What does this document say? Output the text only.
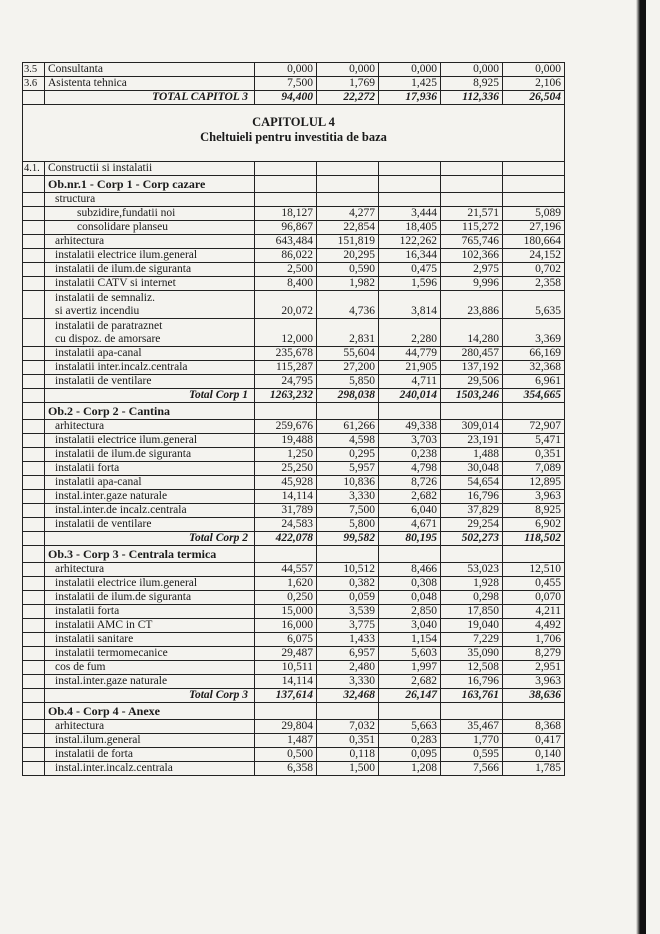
3.5	Consultanta	0,000	0,000	0,000	0,000	0,000
3.6	Asistenta tehnica	7,500	1,769	1,425	8,925	2,106
	TOTAL CAPITOL 3	94,400	22,272	17,936	112,336	26,504

CAPITOLUL 4
Cheltuieli pentru investitia de baza						

4.1.	Constructii si instalatii					
	Ob.nr.1 - Corp 1 - Corp cazare					
	structura					
	subzidire,fundatii noi	18,127	4,277	3,444	21,571	5,089
	consolidare planseu	96,867	22,854	18,405	115,272	27,196
	arhitectura	643,484	151,819	122,262	765,746	180,664
	instalatii electrice ilum.general	86,022	20,295	16,344	102,366	24,152
	instalatii de ilum.de siguranta	2,500	0,590	0,475	2,975	0,702
	instalatii CATV si internet	8,400	1,982	1,596	9,996	2,358

	instalatii de semnaliz.
si avertiz incendiu	20,072	4,736	3,814	23,886	5,635

	instalatii de paratraznet
cu dispoz. de amorsare	12,000	2,831	2,280	14,280	3,369
	instalatii apa-canal	235,678	55,604	44,779	280,457	66,169
	instalatii inter.incalz.centrala	115,287	27,200	21,905	137,192	32,368
	instalatii de ventilare	24,795	5,850	4,711	29,506	6,961
	Total Corp 1	1263,232	298,038	240,014	1503,246	354,665
	Ob.2 - Corp 2 - Cantina					
	arhitectura	259,676	61,266	49,338	309,014	72,907
	instalatii electrice ilum.general	19,488	4,598	3,703	23,191	5,471
	instalatii de ilum.de siguranta	1,250	0,295	0,238	1,488	0,351
	instalatii forta	25,250	5,957	4,798	30,048	7,089
	instalatii apa-canal	45,928	10,836	8,726	54,654	12,895
	instal.inter.gaze naturale	14,114	3,330	2,682	16,796	3,963
	instal.inter.de incalz.centrala	31,789	7,500	6,040	37,829	8,925
	instalatii de ventilare	24,583	5,800	4,671	29,254	6,902
	Total Corp 2	422,078	99,582	80,195	502,273	118,502
	Ob.3 - Corp 3 - Centrala termica					
	arhitectura	44,557	10,512	8,466	53,023	12,510
	instalatii electrice ilum.general	1,620	0,382	0,308	1,928	0,455
	instalatii de ilum.de siguranta	0,250	0,059	0,048	0,298	0,070
	instalatii forta	15,000	3,539	2,850	17,850	4,211
	instalatii AMC in CT	16,000	3,775	3,040	19,040	4,492
	instalatii sanitare	6,075	1,433	1,154	7,229	1,706
	instalatii termomecanice	29,487	6,957	5,603	35,090	8,279
	cos de fum	10,511	2,480	1,997	12,508	2,951
	instal.inter.gaze naturale	14,114	3,330	2,682	16,796	3,963
	Total Corp 3	137,614	32,468	26,147	163,761	38,636
	Ob.4 - Corp 4 - Anexe					
	arhitectura	29,804	7,032	5,663	35,467	8,368
	instal.ilum.general	1,487	0,351	0,283	1,770	0,417
	instalatii de forta	0,500	0,118	0,095	0,595	0,140
	instal.inter.incalz.centrala	6,358	1,500	1,208	7,566	1,785
